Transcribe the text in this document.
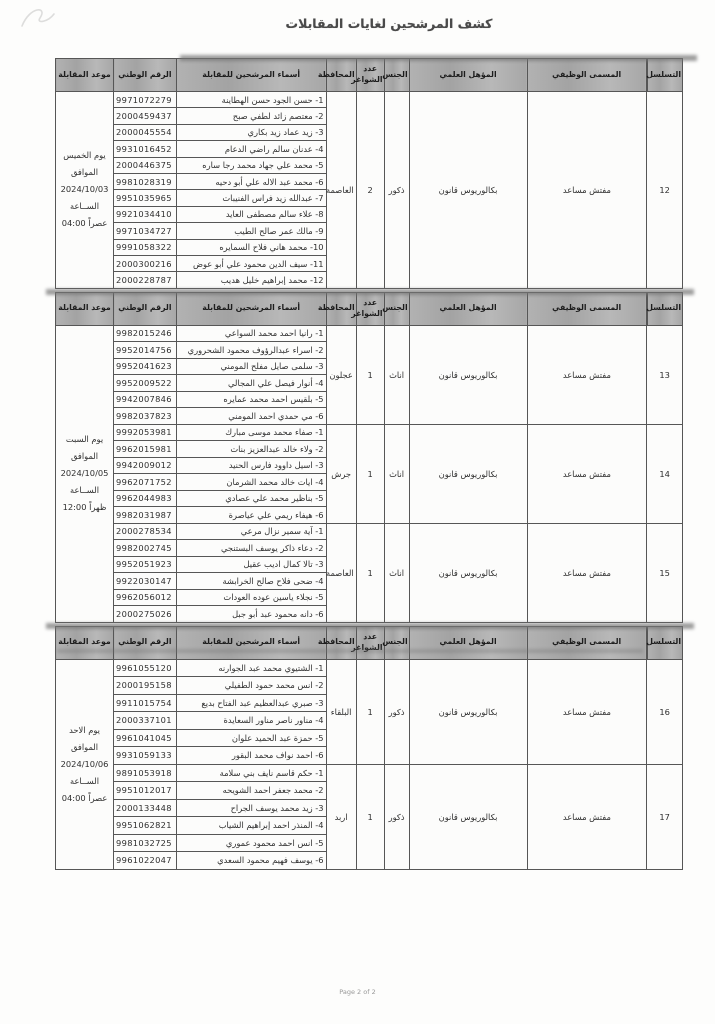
كشف المرشحين لغايات المقابلات
التسلسل	المسمى الوظيفي	المؤهل العلمي	الجنس	عدد
الشواغر	المحافظة	أسماء المرشحين للمقابلة	الرقم الوطني	موعد المقابلة
12	مفتش مساعد	بكالوريوس قانون	ذكور	2	العاصمة	1- حسن الجود حسن الهطاينة	9971072279	يوم الخميس
الموافق
2024/10/03
الســاعة
04:00 عصراً
						2- معتصم زائد لطفي صبح	2000459437	
						3- زيد عماد زيد بكاري	2000045554	
						4- عدنان سالم راضي الدعام	9931016452	
						5- محمد علي جهاد محمد رجا ساره	2000446375	
						6- محمد عبد الاله علي أبو دحيه	9981028319	
						7- عبدالله زيد فراس الفنيبات	9951035965	
						8- علاء سالم مصطفى العايد	9921034410	
						9- مالك عمر صالح الطيب	9971034727	
						10- محمد هاني فلاح السمايره	9991058322	
						11- سيف الدين محمود علي أبو عوض	2000300216	
						12- محمد إبراهيم خليل هديب	2000228787	
التسلسل	المسمى الوظيفي	المؤهل العلمي	الجنس	عدد
الشواغر	المحافظة	أسماء المرشحين للمقابلة	الرقم الوطني	موعد المقابلة
13	مفتش مساعد	بكالوريوس قانون	اناث	1	عجلون	1- رانيا احمد محمد السواعي	9982015246	يوم السبت
الموافق
2024/10/05
الســاعة
12:00 ظهراً
						2- اسراء عبدالرؤوف محمود الشحروري	9952014756	
						3- سلمى صايل مفلح المومني	9952041623	
						4- أنوار فيصل علي المجالي	9952009522	
						5- بلقيس احمد محمد عمايره	9942007846	
						6- مي حمدي احمد المومني	9982037823	
14	مفتش مساعد	بكالوريوس قانون	اناث	1	جرش	1- صفاء محمد موسى مبارك	9992053981	
						2- ولاء خالد عبدالعزيز بنات	9962015981	
						3- اسيل داوود فارس الحنيد	9942009012	
						4- ايات خالد محمد الشرمان	9962071752	
						5- بناظير محمد علي عصادي	9962044983	
						6- هيفاء ريمي علي عياصرة	9982031987	
15	مفتش مساعد	بكالوريوس قانون	اناث	1	العاصمة	1- آية سمير نزال مرعي	2000278534	
						2- دعاء ذاكر يوسف البستنجي	9982002745	
						3- تالا كمال اديب عقيل	9952051923	
						4- ضحى فلاح صالح الخرابشة	9922030147	
						5- نجلاء ياسين عوده العودات	9962056012	
						6- دانه محمود عبد أبو جبل	2000275026	
التسلسل	المسمى الوظيفي	المؤهل العلمي	الجنس	عدد
الشواغر	المحافظة	أسماء المرشحين للمقابلة	الرقم الوطني	موعد المقابلة
16	مفتش مساعد	بكالوريوس قانون	ذكور	1	البلقاء	1- الشتيوي محمد عبد الجوارنه	9961055120	يوم الاحد الموافق
2024/10/06
الســاعة
04:00 عصراً
						2- انس محمد حمود الطفيلي	2000195158	
						3- صبري عبدالعظيم عبد الفتاح بديع	9911015754	
						4- مناور ناصر مناور السعايدة	2000337101	
						5- حمزة عبد الحميد علوان	9961041045	
						6- احمد نواف محمد البقور	9931059133	
17	مفتش مساعد	بكالوريوس قانون	ذكور	1	اربد	1- حكم قاسم نايف بني سلامة	9891053918	
						2- محمد جعفر احمد الشويحه	9951012017	
						3- زيد محمد يوسف الجراح	2000133448	
						4- المنذر احمد إبراهيم الشياب	9951062821	
						5- انس احمد محمود عموري	9981032725	
						6- يوسف فهيم محمود السعدي	9961022047	
Page 2 of 2
